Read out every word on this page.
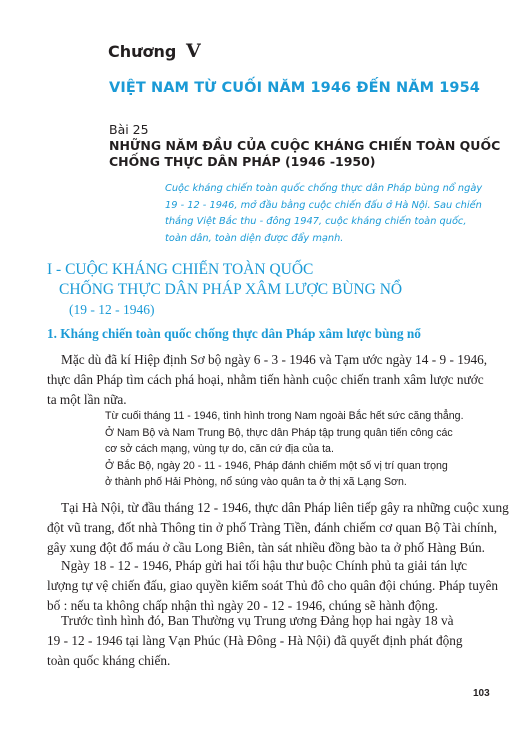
Chương V
VIỆT NAM TỪ CUỐI NĂM 1946 ĐẾN NĂM 1954
Bài 25
NHỮNG NĂM ĐẦU CỦA CUỘC KHÁNG CHIẾN TOÀN QUỐC
CHỐNG THỰC DÂN PHÁP (1946 -1950)
Cuộc kháng chiến toàn quốc chống thực dân Pháp bùng nổ ngày
19 - 12 - 1946, mở đầu bằng cuộc chiến đấu ở Hà Nội. Sau chiến
thắng Việt Bắc thu - đông 1947, cuộc kháng chiến toàn quốc,
toàn dân, toàn diện được đẩy mạnh.
I - CUỘC KHÁNG CHIẾN TOÀN QUỐC
CHỐNG THỰC DÂN PHÁP XÂM LƯỢC BÙNG NỔ
(19 - 12 - 1946)
1. Kháng chiến toàn quốc chống thực dân Pháp xâm lược bùng nổ
Mặc dù đã kí Hiệp định Sơ bộ ngày 6 - 3 - 1946 và Tạm ước ngày 14 - 9 - 1946,
thực dân Pháp tìm cách phá hoại, nhằm tiến hành cuộc chiến tranh xâm lược nước
ta một lần nữa.
Từ cuối tháng 11 - 1946, tình hình trong Nam ngoài Bắc hết sức căng thẳng.
Ở Nam Bộ và Nam Trung Bộ, thực dân Pháp tập trung quân tiến công các
cơ sở cách mạng, vùng tự do, căn cứ địa của ta.
Ở Bắc Bộ, ngày 20 - 11 - 1946, Pháp đánh chiếm một số vị trí quan trọng
ở thành phố Hải Phòng, nổ súng vào quân ta ở thị xã Lạng Sơn.
Tại Hà Nội, từ đầu tháng 12 - 1946, thực dân Pháp liên tiếp gây ra những cuộc xung
đột vũ trang, đốt nhà Thông tin ở phố Tràng Tiền, đánh chiếm cơ quan Bộ Tài chính,
gây xung đột đổ máu ở cầu Long Biên, tàn sát nhiều đồng bào ta ở phố Hàng Bún.
Ngày 18 - 12 - 1946, Pháp gửi hai tối hậu thư buộc Chính phủ ta giải tán lực
lượng tự vệ chiến đấu, giao quyền kiểm soát Thủ đô cho quân đội chúng. Pháp tuyên
bố : nếu ta không chấp nhận thì ngày 20 - 12 - 1946, chúng sẽ hành động.
Trước tình hình đó, Ban Thường vụ Trung ương Đảng họp hai ngày 18 và
19 - 12 - 1946 tại làng Vạn Phúc (Hà Đông - Hà Nội) đã quyết định phát động
toàn quốc kháng chiến.
103
